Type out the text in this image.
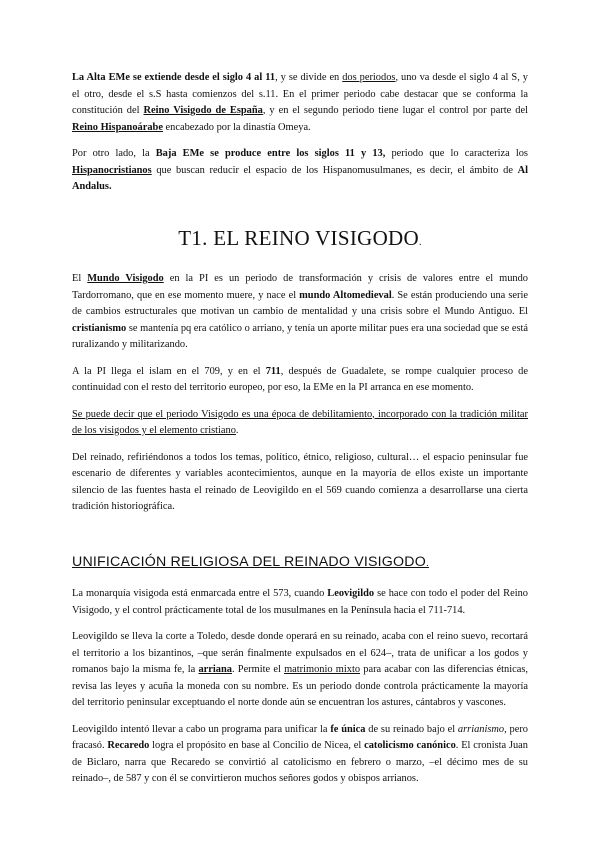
La Alta EMe se extiende desde el siglo 4 al 11, y se divide en dos periodos, uno va desde el siglo 4 al S, y el otro, desde el s.S hasta comienzos del s.11. En el primer periodo cabe destacar que se conforma la constitución del Reino Visigodo de España, y en el segundo periodo tiene lugar el control por parte del Reino Hispanoárabe encabezado por la dinastía Omeya.

Por otro lado, la Baja EMe se produce entre los siglos 11 y 13, periodo que lo caracteriza los Hispanocristianos que buscan reducir el espacio de los Hispanomusulmanes, es decir, el ámbito de Al Andalus.

T1. EL REINO VISIGODO.

El Mundo Visigodo en la PI es un periodo de transformación y crisis de valores entre el mundo Tardorromano, que en ese momento muere, y nace el mundo Altomedieval. Se están produciendo una serie de cambios estructurales que motivan un cambio de mentalidad y una crisis sobre el Mundo Antiguo. El cristianismo se mantenía pq era católico o arriano, y tenía un aporte militar pues era una sociedad que se está ruralizando y militarizando.

A la PI llega el islam en el 709, y en el 711, después de Guadalete, se rompe cualquier proceso de continuidad con el resto del territorio europeo, por eso, la EMe en la PI arranca en ese momento.

Se puede decir que el periodo Visigodo es una época de debilitamiento, incorporado con la tradición militar de los visigodos y el elemento cristiano.

Del reinado, refiriéndonos a todos los temas, político, étnico, religioso, cultural… el espacio peninsular fue escenario de diferentes y variables acontecimientos, aunque en la mayoría de ellos existe un importante silencio de las fuentes hasta el reinado de Leovigildo en el 569 cuando comienza a desarrollarse una cierta tradición historiográfica.

UNIFICACIÓN RELIGIOSA DEL REINADO VISIGODO.

La monarquía visigoda está enmarcada entre el 573, cuando Leovigildo se hace con todo el poder del Reino Visigodo, y el control prácticamente total de los musulmanes en la Península hacia el 711-714.

Leovigildo se lleva la corte a Toledo, desde donde operará en su reinado, acaba con el reino suevo, recortará el territorio a los bizantinos, –que serán finalmente expulsados en el 624–, trata de unificar a los godos y romanos bajo la misma fe, la arriana. Permite el matrimonio mixto para acabar con las diferencias étnicas, revisa las leyes y acuña la moneda con su nombre. Es un periodo donde controla prácticamente la mayoría del territorio peninsular exceptuando el norte donde aún se encuentran los astures, cántabros y vascones.

Leovigildo intentó llevar a cabo un programa para unificar la fe única de su reinado bajo el arrianismo, pero fracasó. Recaredo logra el propósito en base al Concilio de Nicea, el catolicismo canónico. El cronista Juan de Biclaro, narra que Recaredo se convirtió al catolicismo en febrero o marzo, –el décimo mes de su reinado–, de 587 y con él se convirtieron muchos señores godos y obispos arrianos.
